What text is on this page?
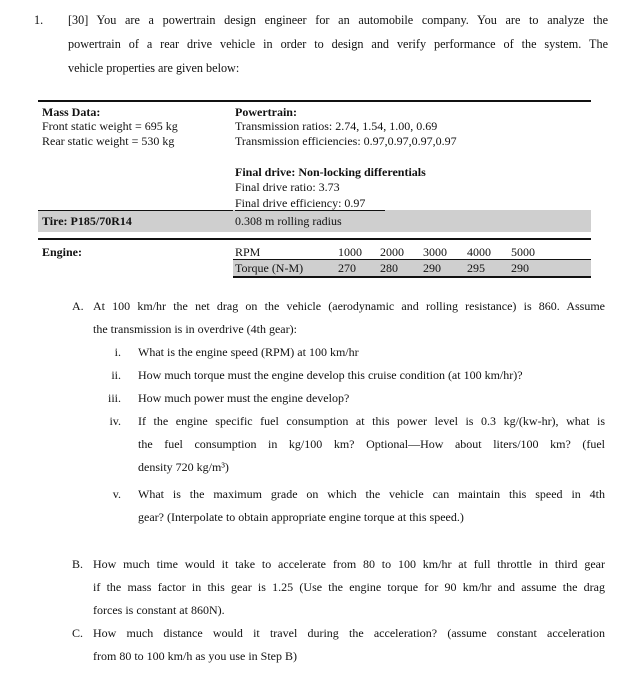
1. [30] You are a powertrain design engineer for an automobile company. You are to analyze the
powertrain of a rear drive vehicle in order to design and verify performance of the system. The
vehicle properties are given below:
Mass Data:
Front static weight = 695 kg
Rear static weight = 530 kg
Powertrain:
Transmission ratios: 2.74, 1.54, 1.00, 0.69
Transmission efficiencies: 0.97,0.97,0.97,0.97
Final drive: Non-locking differentials
Final drive ratio: 3.73
Final drive efficiency: 0.97
Tire: P185/70R14	0.308 m rolling radius
Engine:	RPM	1000 2000 3000 4000 5000
Torque (N-M)	270 280 290 295 290
A. At 100 km/hr the net drag on the vehicle (aerodynamic and rolling resistance) is 860. Assume
the transmission is in overdrive (4th gear):
i. What is the engine speed (RPM) at 100 km/hr
ii. How much torque must the engine develop this cruise condition (at 100 km/hr)?
iii. How much power must the engine develop?
iv. If the engine specific fuel consumption at this power level is 0.3 kg/(kw-hr), what is
the fuel consumption in kg/100 km? Optional—How about liters/100 km? (fuel
density 720 kg/m³)
v. What is the maximum grade on which the vehicle can maintain this speed in 4th
gear? (Interpolate to obtain appropriate engine torque at this speed.)
B. How much time would it take to accelerate from 80 to 100 km/hr at full throttle in third gear
if the mass factor in this gear is 1.25 (Use the engine torque for 90 km/hr and assume the drag
forces is constant at 860N).
C. How much distance would it travel during the acceleration? (assume constant acceleration
from 80 to 100 km/h as you use in Step B)
